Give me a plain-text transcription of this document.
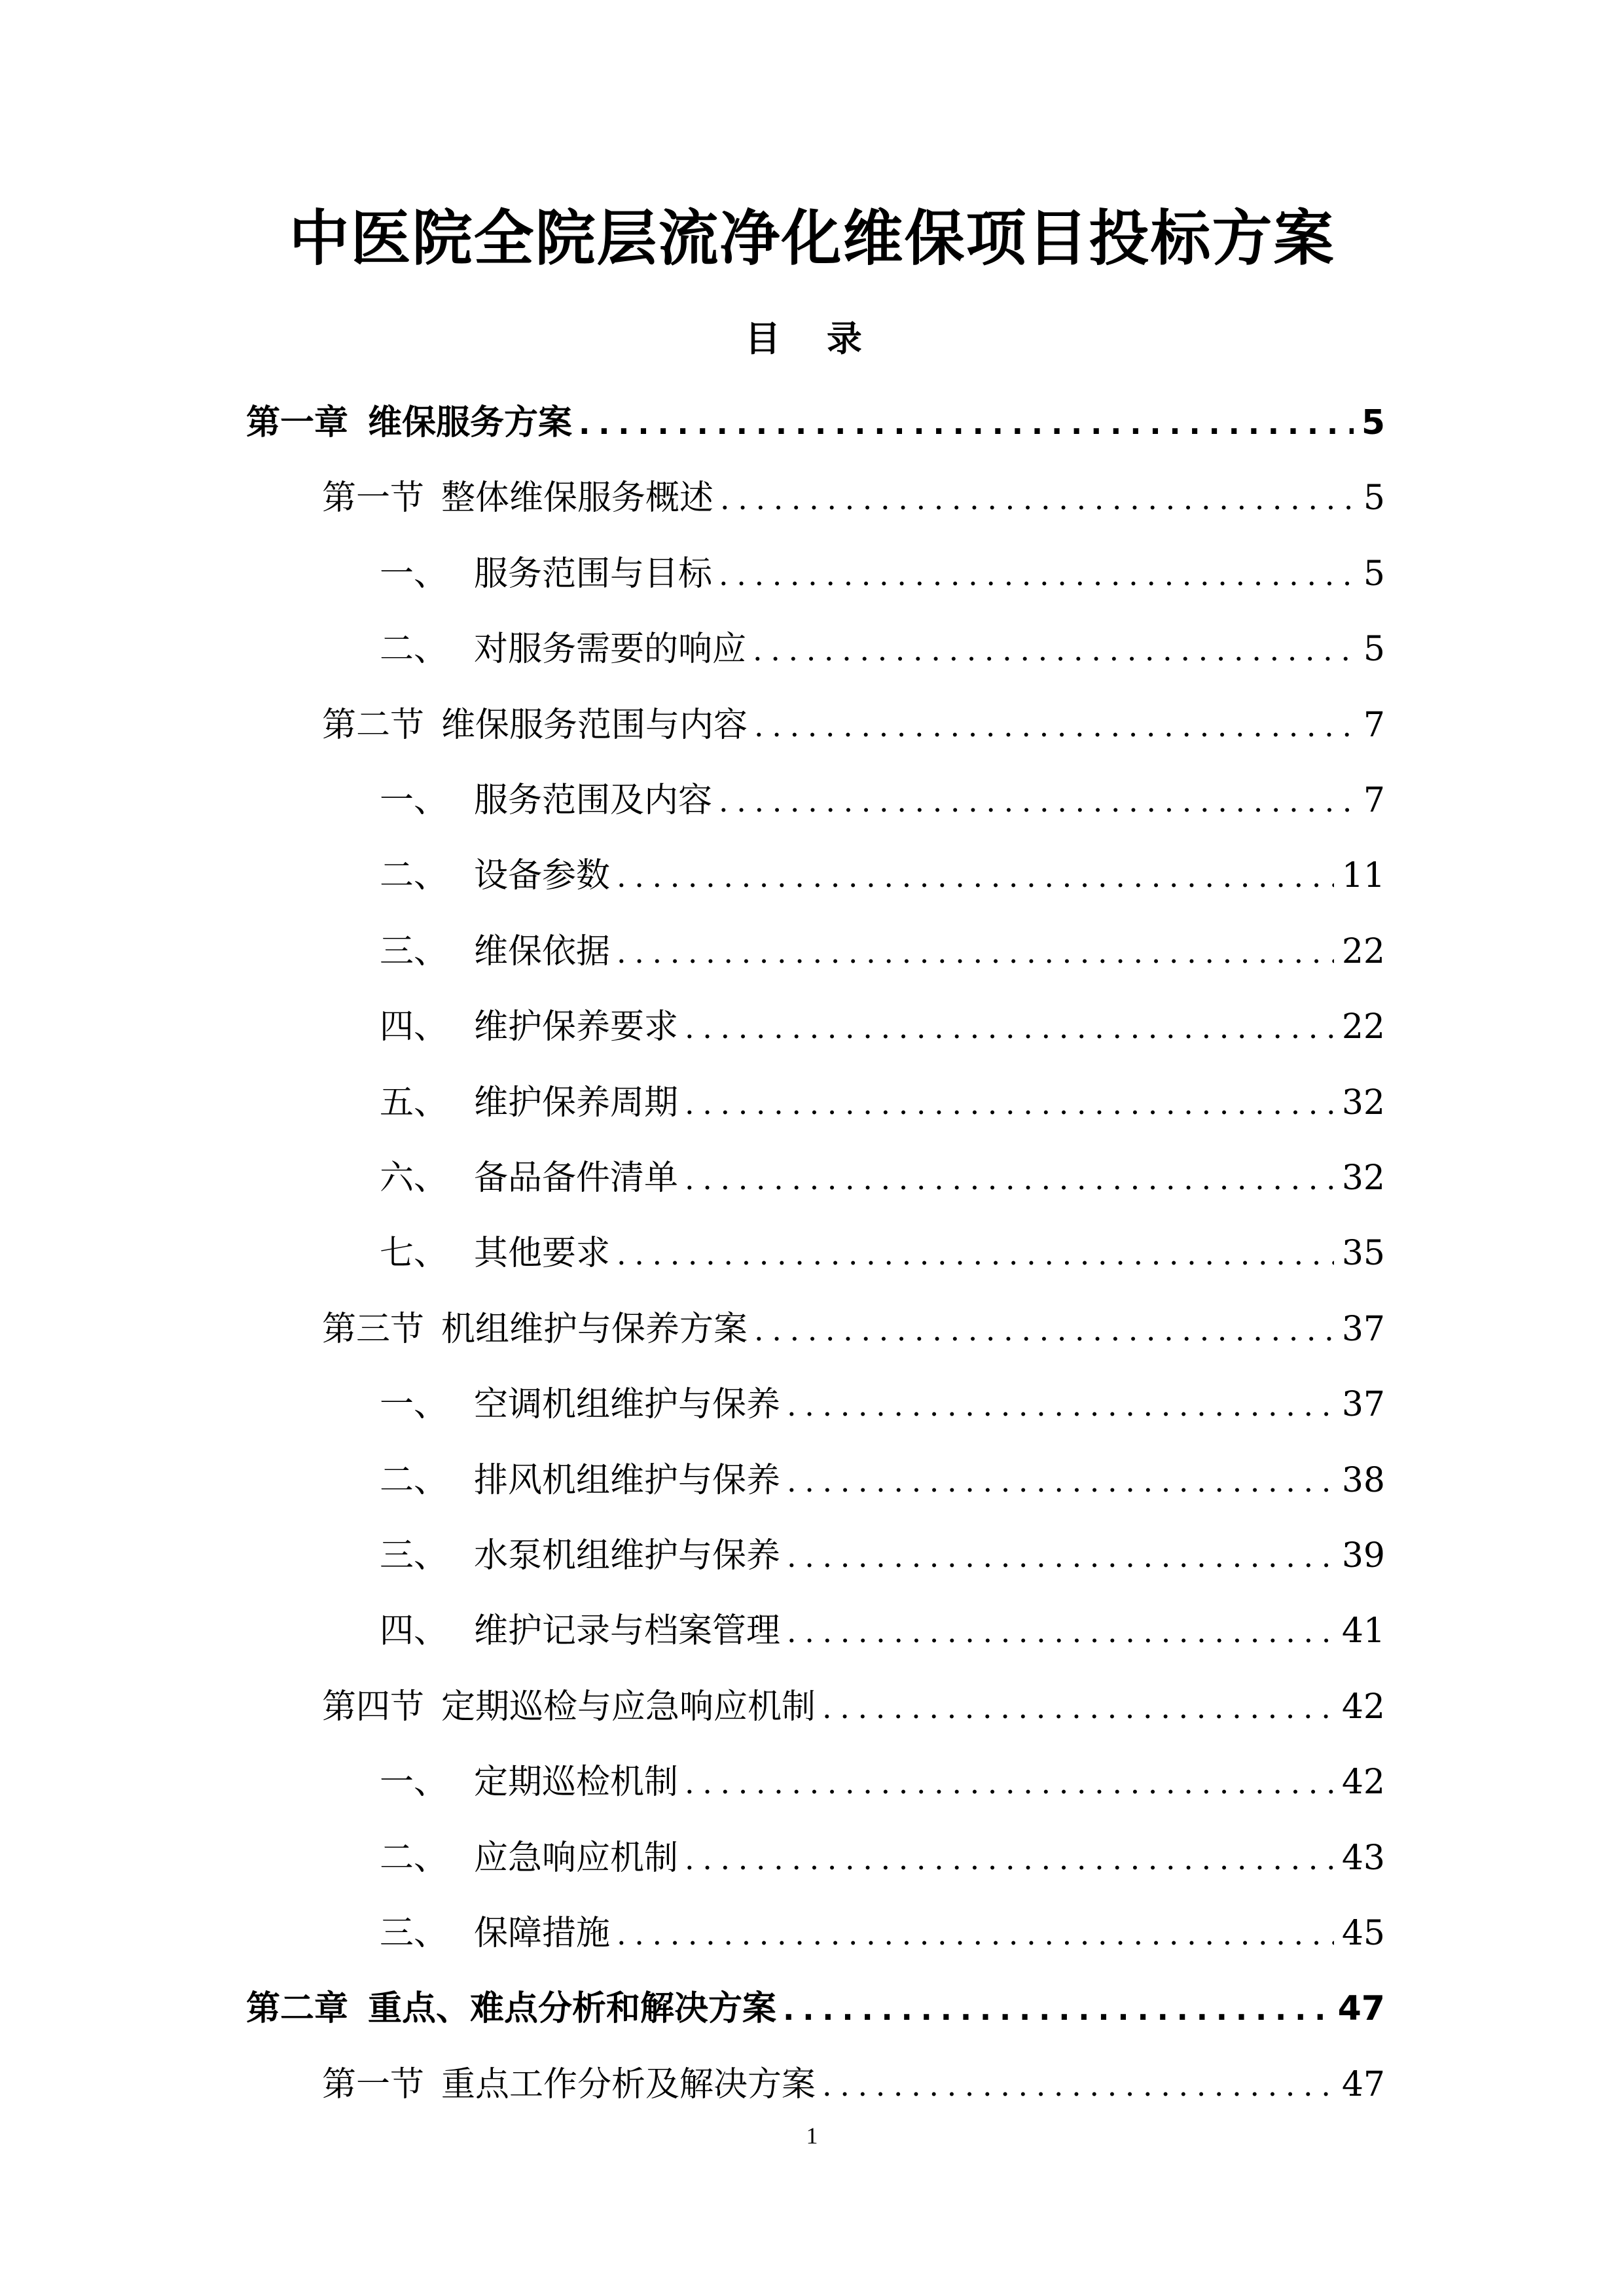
中医院全院层流净化维保项目投标方案
目 录
第一章 维保服务方案 .....	5
第一节 整体维保服务概述 .....	5
一、 服务范围与目标 .....	5
二、 对服务需要的响应 .....	5
第二节 维保服务范围与内容 .....	7
一、 服务范围及内容 .....	7
二、 设备参数 .....	11
三、 维保依据 .....	22
四、 维护保养要求 .....	22
五、 维护保养周期 .....	32
六、 备品备件清单 .....	32
七、 其他要求 .....	35
第三节 机组维护与保养方案 .....	37
一、 空调机组维护与保养 .....	37
二、 排风机组维护与保养 .....	38
三、 水泵机组维护与保养 .....	39
四、 维护记录与档案管理 .....	41
第四节 定期巡检与应急响应机制 .....	42
一、 定期巡检机制 .....	42
二、 应急响应机制 .....	43
三、 保障措施 .....	45
第二章 重点、难点分析和解决方案 .....	47
第一节 重点工作分析及解决方案 .....	47
1
